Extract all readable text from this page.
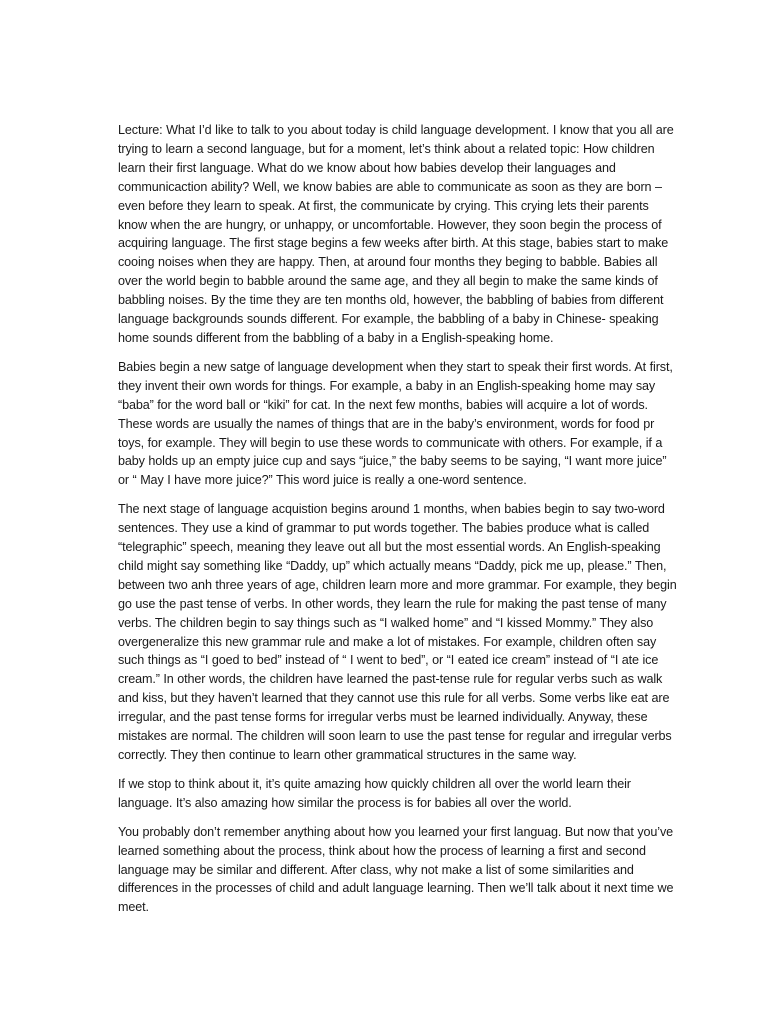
Lecture: What I’d like to talk to you about today is child language development. I know that you all are trying to learn a second language, but for a moment, let’s think about a related topic: How children learn their first language. What do we know about how babies develop their languages and communicaction ability? Well, we know babies are able to communicate as soon as they are born – even before they learn to speak. At first, the communicate by crying. This crying lets their parents know when the are hungry, or unhappy, or uncomfortable. However, they soon begin the process of acquiring language. The first stage begins a few weeks after birth. At this stage, babies start to make cooing noises when they are happy. Then, at around four months they beging to babble. Babies all over the world begin to babble around the same age, and they all begin to make the same kinds of babbling noises. By the time they are ten months old, however, the babbling of babies from different language backgrounds sounds different. For example, the babbling of a baby in Chinese- speaking home sounds different from the babbling of a baby in a English-speaking home.

Babies begin a new satge of language development when they start to speak their first words. At first, they invent their own words for things. For example, a baby in an English-speaking home may say “baba” for the word ball or “kiki” for cat. In the next few months, babies will acquire a lot of words. These words are usually the names of things that are in the baby’s environment, words for food pr toys, for example. They will begin to use these words to communicate with others. For example, if a baby holds up an empty juice cup and says “juice,” the baby seems to be saying, “I want more juice” or “ May I have more juice?” This word juice is really a one-word sentence.

The next stage of language acquistion begins around 1 months, when babies begin to say two-word sentences. They use a kind of grammar to put words together. The babies produce what is called “telegraphic” speech, meaning they leave out all but the most essential words. An English-speaking child might say something like “Daddy, up” which actually means “Daddy, pick me up, please.” Then, between two anh three years of age, children learn more and more grammar. For example, they begin go use the past tense of verbs. In other words, they learn the rule for making the past tense of many verbs. The children begin to say things such as “I walked home” and “I kissed Mommy.” They also overgeneralize this new grammar rule and make a lot of mistakes. For example, children often say such things as “I goed to bed” instead of “ I went to bed”, or “I eated ice cream” instead of “I ate ice cream.” In other words, the children have learned the past-tense rule for regular verbs such as walk and kiss, but they haven’t learned that they cannot use this rule for all verbs. Some verbs like eat are irregular, and the past tense forms for irregular verbs must be learned individually. Anyway, these mistakes are normal. The children will soon learn to use the past tense for regular and irregular verbs correctly. They then continue to learn other grammatical structures in the same way.

If we stop to think about it, it’s quite amazing how quickly children all over the world learn their language. It’s also amazing how similar the process is for babies all over the world.

You probably don’t remember anything about how you learned your first languag. But now that you’ve learned something about the process, think about how the process of learning a first and second language may be similar and different. After class, why not make a list of some similarities and differences in the processes of child and adult language learning. Then we’ll talk about it next time we meet.
